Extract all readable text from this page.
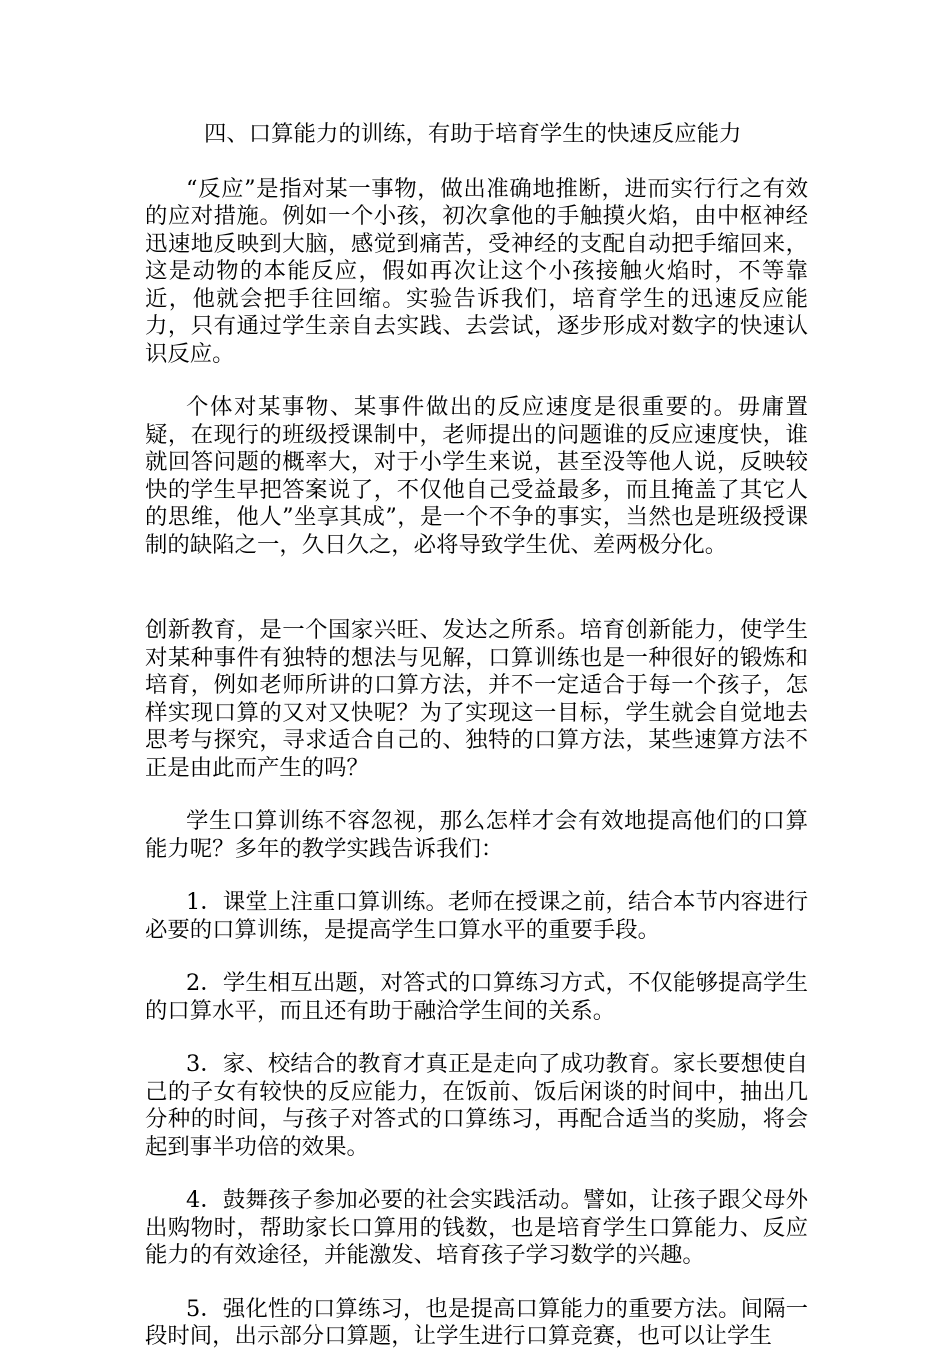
四、口算能力的训练，有助于培育学生的快速反应能力

“反应”是指对某一事物，做出准确地推断，进而实行行之有效的应对措施。例如一个小孩，初次拿他的手触摸火焰，由中枢神经迅速地反映到大脑，感觉到痛苦，受神经的支配自动把手缩回来，这是动物的本能反应，假如再次让这个小孩接触火焰时，不等靠近，他就会把手往回缩。实验告诉我们，培育学生的迅速反应能力，只有通过学生亲自去实践、去尝试，逐步形成对数字的快速认识反应。

个体对某事物、某事件做出的反应速度是很重要的。毋庸置疑，在现行的班级授课制中，老师提出的问题谁的反应速度快，谁就回答问题的概率大，对于小学生来说，甚至没等他人说，反映较快的学生早把答案说了，不仅他自己受益最多，而且掩盖了其它人的思维，他人”坐享其成”，是一个不争的事实，当然也是班级授课制的缺陷之一，久日久之，必将导致学生优、差两极分化。

创新教育，是一个国家兴旺、发达之所系。培育创新能力，使学生对某种事件有独特的想法与见解，口算训练也是一种很好的锻炼和培育，例如老师所讲的口算方法，并不一定适合于每一个孩子，怎样实现口算的又对又快呢？为了实现这一目标，学生就会自觉地去思考与探究，寻求适合自己的、独特的口算方法，某些速算方法不正是由此而产生的吗？

学生口算训练不容忽视，那么怎样才会有效地提高他们的口算能力呢？多年的教学实践告诉我们：

1．课堂上注重口算训练。老师在授课之前，结合本节内容进行必要的口算训练，是提高学生口算水平的重要手段。

2．学生相互出题，对答式的口算练习方式，不仅能够提高学生的口算水平，而且还有助于融洽学生间的关系。

3．家、校结合的教育才真正是走向了成功教育。家长要想使自己的子女有较快的反应能力，在饭前、饭后闲谈的时间中，抽出几分种的时间，与孩子对答式的口算练习，再配合适当的奖励，将会起到事半功倍的效果。

4．鼓舞孩子参加必要的社会实践活动。譬如，让孩子跟父母外出购物时，帮助家长口算用的钱数，也是培育学生口算能力、反应能力的有效途径，并能激发、培育孩子学习数学的兴趣。

5．强化性的口算练习，也是提高口算能力的重要方法。间隔一段时间，出示部分口算题，让学生进行口算竞赛，也可以让学生
